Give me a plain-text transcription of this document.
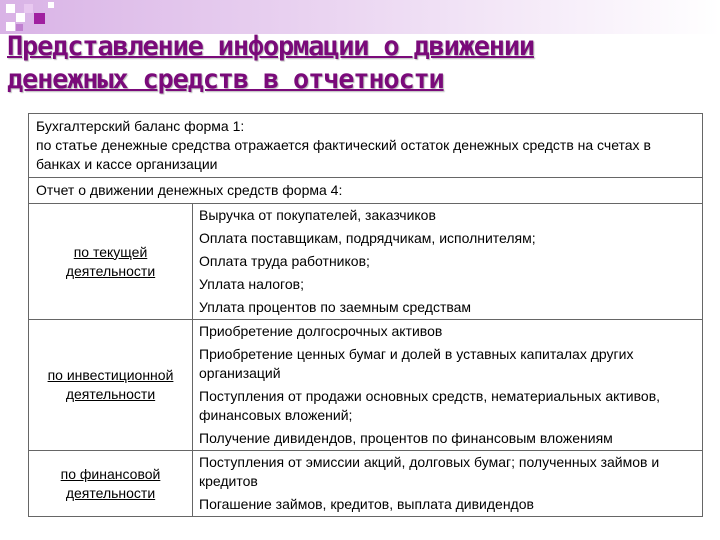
Представление информации о движении
денежных средств в отчетности
Бухгалтерский баланс форма 1:
по статье денежные средства отражается фактический остаток денежных средств на счетах в банках и кассе организации	

Отчет о движении денежных средств форма 4:	
по текущей деятельности	Выручка от покупателей, заказчиков
Оплата поставщикам, подрядчикам, исполнителям;
Оплата труда работников;
Уплата налогов;
Уплата процентов по заемным средствам

по инвестиционной деятельности	Приобретение долгосрочных активов
Приобретение ценных бумаг и долей в уставных капиталах других организаций
Поступления от продажи основных средств, нематериальных активов, финансовых вложений;
Получение дивидендов, процентов по финансовым вложениям

по финансовой деятельности	Поступления от эмиссии акций, долговых бумаг; полученных займов и кредитов
Погашение займов, кредитов, выплата дивидендов
